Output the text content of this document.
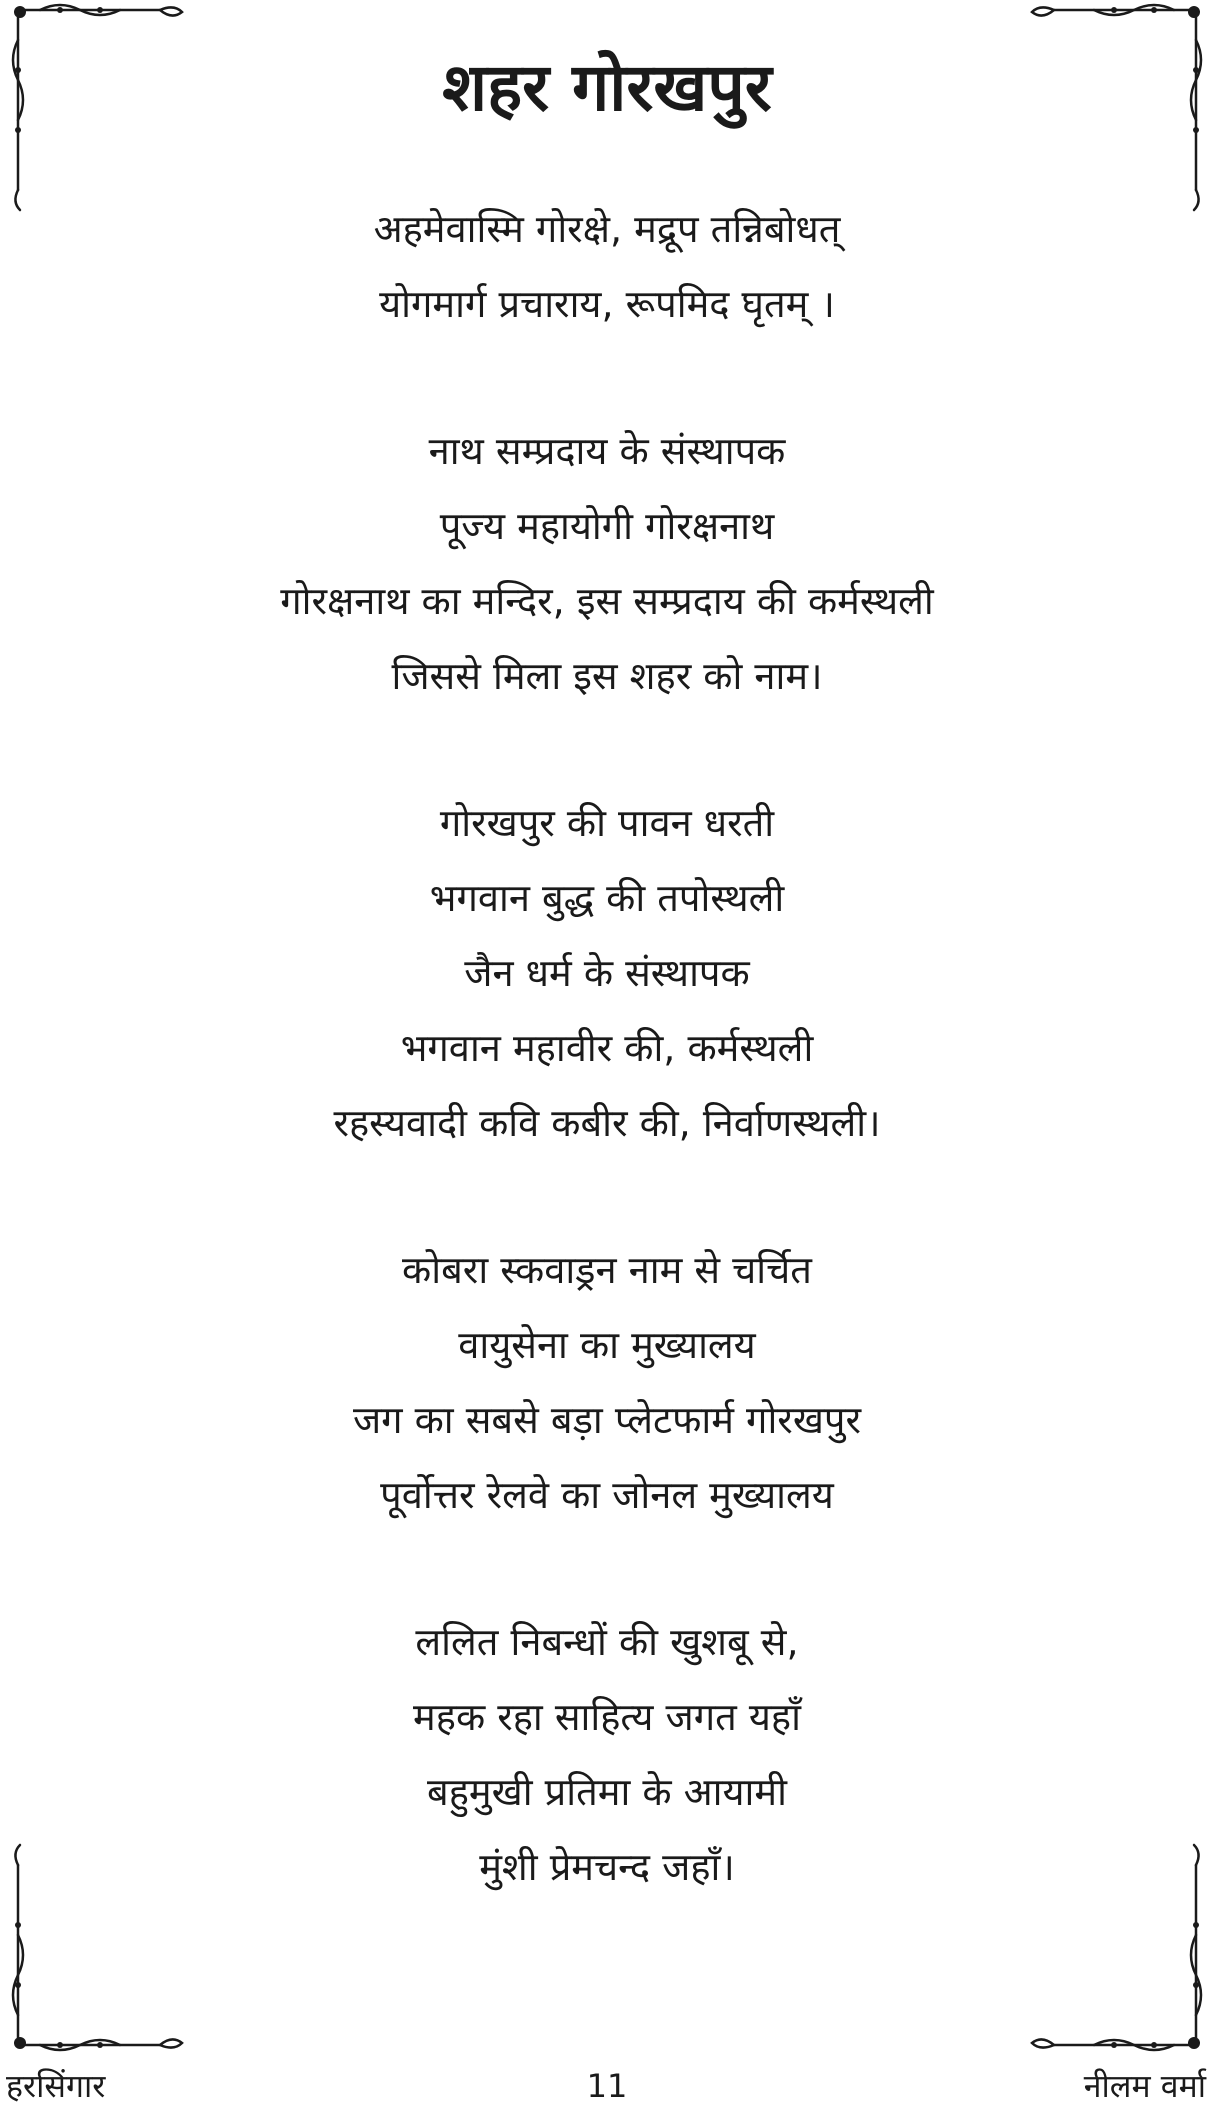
शहर गोरखपुर
अहमेवास्मि गोरक्षे, मद्रूप तन्निबोधत्
योगमार्ग प्रचाराय, रूपमिद घृतम् ।
नाथ सम्प्रदाय के संस्थापक
पूज्य महायोगी गोरक्षनाथ
गोरक्षनाथ का मन्दिर, इस सम्प्रदाय की कर्मस्थली
जिससे मिला इस शहर को नाम।
गोरखपुर की पावन धरती
भगवान बुद्ध की तपोस्थली
जैन धर्म के संस्थापक
भगवान महावीर की, कर्मस्थली
रहस्यवादी कवि कबीर की, निर्वाणस्थली।
कोबरा स्कवाड्रन नाम से चर्चित
वायुसेना का मुख्यालय
जग का सबसे बड़ा प्लेटफार्म गोरखपुर
पूर्वोत्तर रेलवे का जोनल मुख्यालय
ललित निबन्धों की खुशबू से,
महक रहा साहित्य जगत यहाँ
बहुमुखी प्रतिमा के आयामी
मुंशी प्रेमचन्द जहाँ।
हरसिंगार	11	नीलम वर्मा
